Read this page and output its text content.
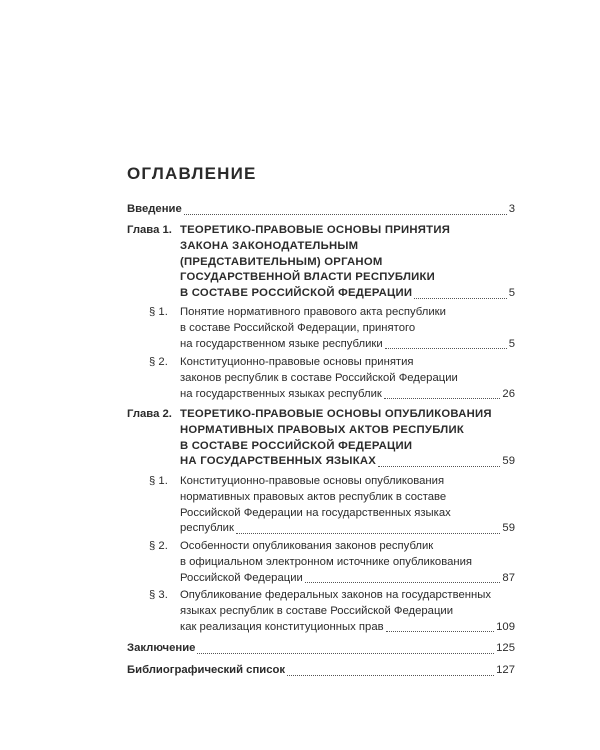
ОГЛАВЛЕНИЕ
Введение	3
Глава 1. ТЕОРЕТИКО-ПРАВОВЫЕ ОСНОВЫ ПРИНЯТИЯ
ЗАКОНА ЗАКОНОДАТЕЛЬНЫМ
(ПРЕДСТАВИТЕЛЬНЫМ) ОРГАНОМ
ГОСУДАРСТВЕННОЙ ВЛАСТИ РЕСПУБЛИКИ
В СОСТАВЕ РОССИЙСКОЙ ФЕДЕРАЦИИ	5
§ 1. Понятие нормативного правового акта республики
в составе Российской Федерации, принятого
на государственном языке республики	5
§ 2. Конституционно-правовые основы принятия
законов республик в составе Российской Федерации
на государственных языках республик	26
Глава 2. ТЕОРЕТИКО-ПРАВОВЫЕ ОСНОВЫ ОПУБЛИКОВАНИЯ
НОРМАТИВНЫХ ПРАВОВЫХ АКТОВ РЕСПУБЛИК
В СОСТАВЕ РОССИЙСКОЙ ФЕДЕРАЦИИ
НА ГОСУДАРСТВЕННЫХ ЯЗЫКАХ	59
§ 1. Конституционно-правовые основы опубликования
нормативных правовых актов республик в составе
Российской Федерации на государственных языках
республик	59
§ 2. Особенности опубликования законов республик
в официальном электронном источнике опубликования
Российской Федерации	87
§ 3. Опубликование федеральных законов на государственных
языках республик в составе Российской Федерации
как реализация конституционных прав	109
Заключение	125
Библиографический список	127
